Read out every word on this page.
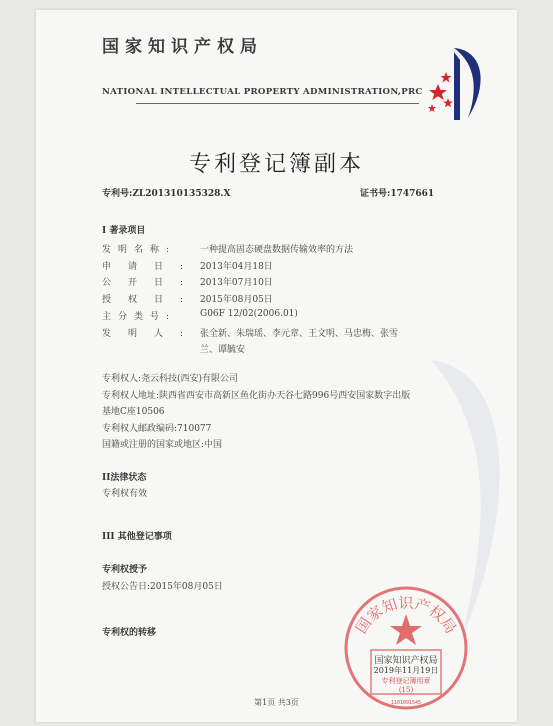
国家知识产权局
NATIONAL INTELLECTUAL PROPERTY ADMINISTRATION,PRC
专利登记簿副本
专利号:ZL201310135328.X	证书号:1747661
I 著录项目
发明名称:	一种提高固态硬盘数据传输效率的方法
申请日: 2013年04月18日
公开日: 2013年07月10日
授权日: 2015年08月05日
主分类号:	G06F 12/02(2006.01)
发明人: 张全新、朱瑞瑶、李元章、王文明、马忠梅、张雪
兰、谭毓安
专利权人:尧云科技(西安)有限公司
专利权人地址:陕西省西安市高新区鱼化街办天谷七路996号西安国家数字出版
基地C座10506
专利权人邮政编码:710077
国籍或注册的国家或地区:中国
II法律状态
专利权有效
III 其他登记事项
专利权授予
授权公告日:2015年08月05日
专利权的转移	国家知识产权局
国家知识产权局
2019年11月19日
专利登记簿用章
(15)
1101091545
第1页 共3页
